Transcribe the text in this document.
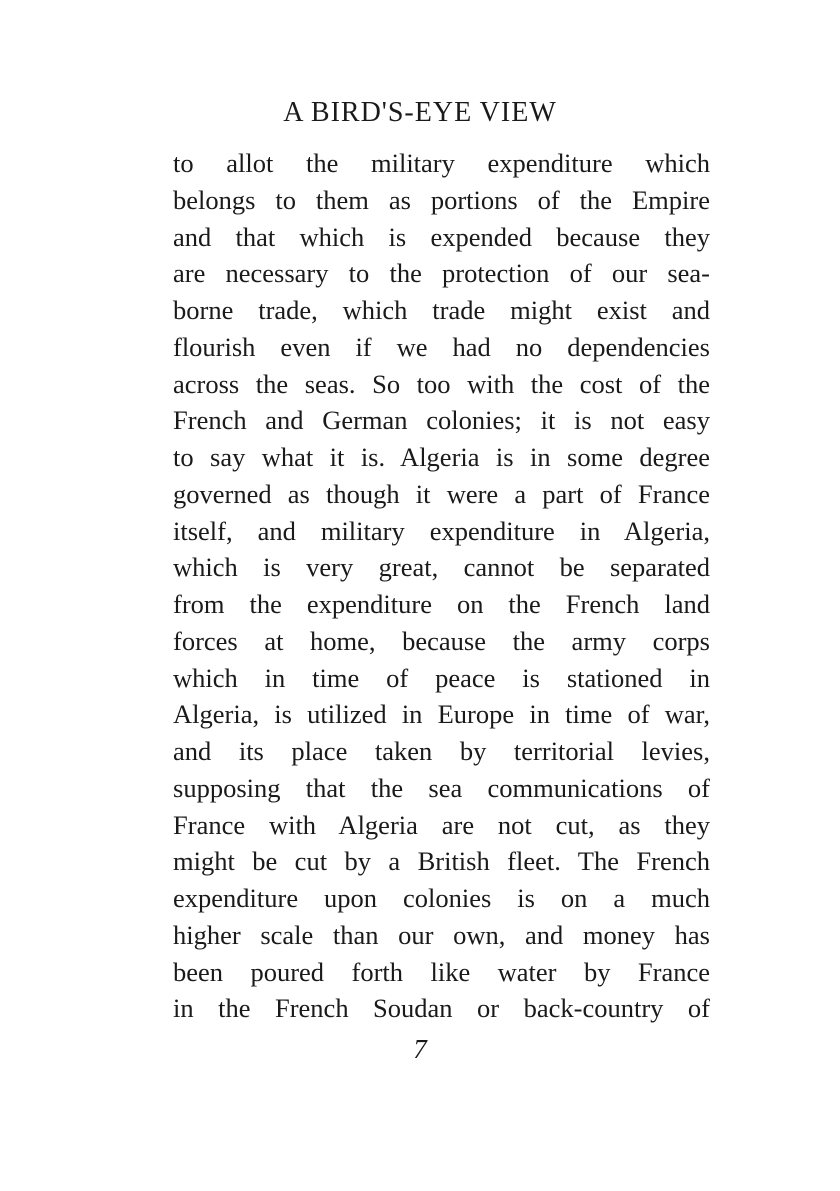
A BIRD'S-EYE VIEW
to allot the military expenditure which
belongs to them as portions of the Empire
and that which is expended because they
are necessary to the protection of our sea-
borne trade, which trade might exist and
flourish even if we had no dependencies
across the seas. So too with the cost of the
French and German colonies; it is not easy
to say what it is. Algeria is in some degree
governed as though it were a part of France
itself, and military expenditure in Algeria,
which is very great, cannot be separated
from the expenditure on the French land
forces at home, because the army corps
which in time of peace is stationed in
Algeria, is utilized in Europe in time of war,
and its place taken by territorial levies,
supposing that the sea communications of
France with Algeria are not cut, as they
might be cut by a British fleet. The French
expenditure upon colonies is on a much
higher scale than our own, and money has
been poured forth like water by France
in the French Soudan or back-country of
7
